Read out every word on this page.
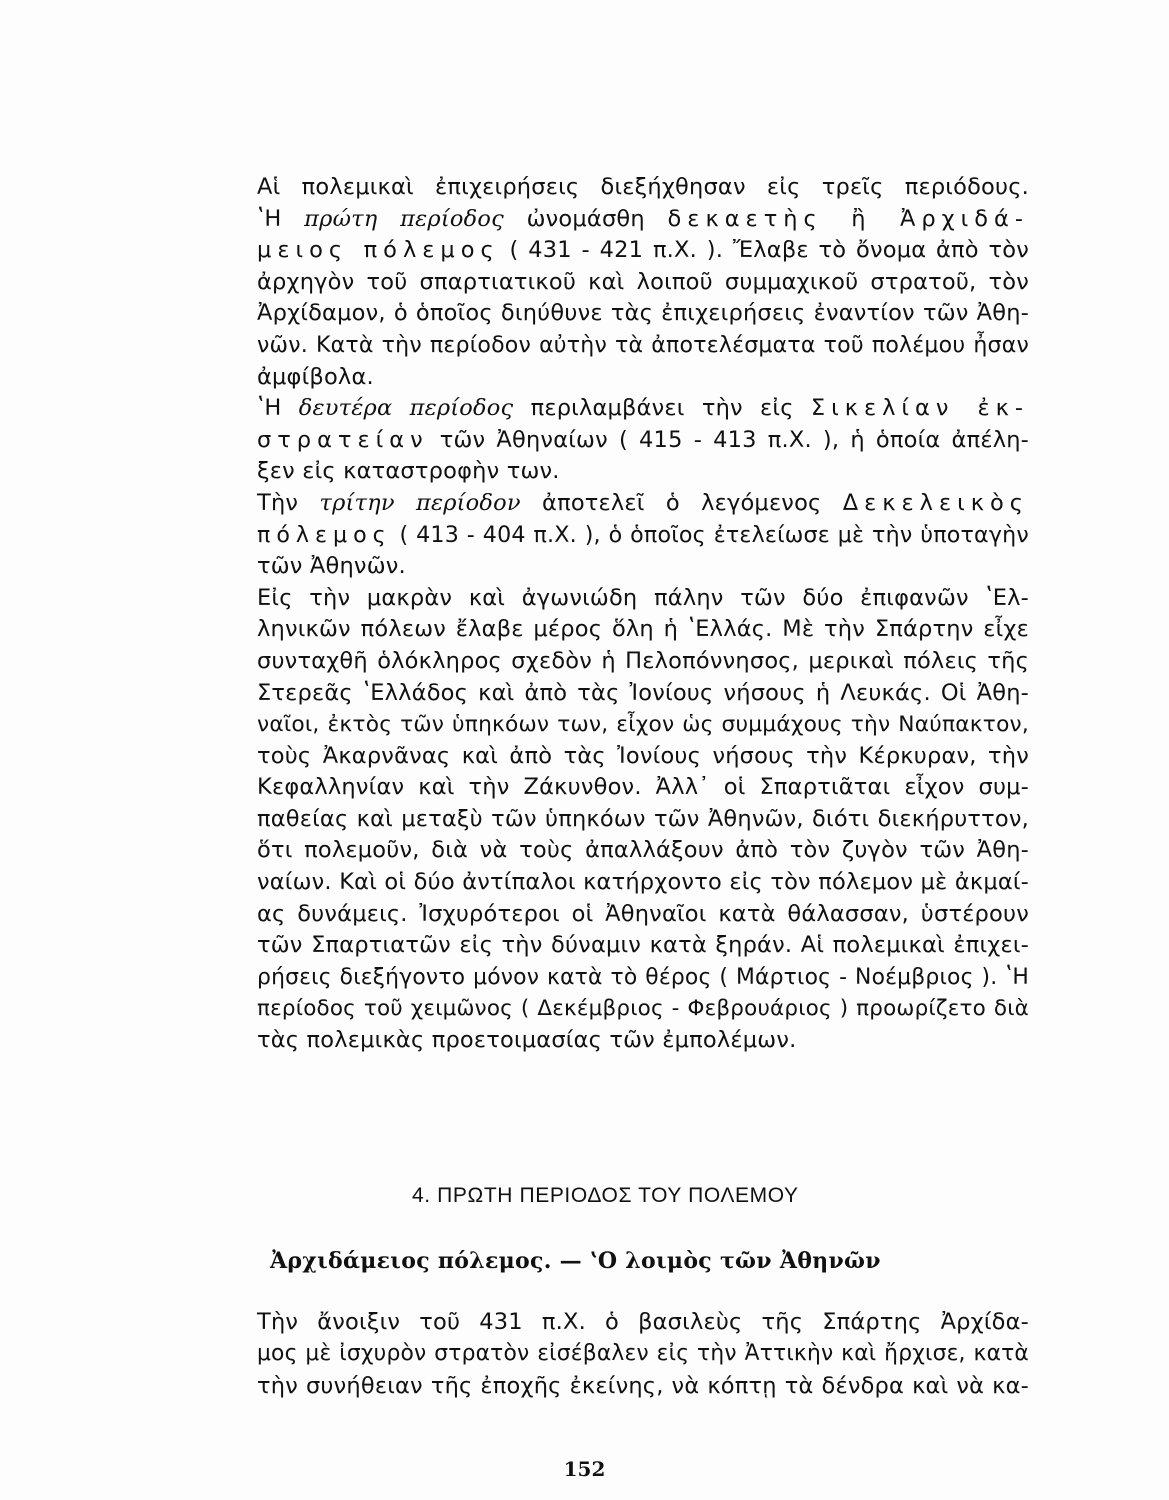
Αἱ πολεμικαὶ ἐπιχειρήσεις διεξήχθησαν εἰς τρεῖς περιόδους.
ʽΗ πρώτη περίοδος ὠνομάσθη δεκαετὴς ἢ Ἀρχιδά-
μειος πόλεμος ( 431 - 421 π.Χ. ). Ἔλαβε τὸ ὄνομα ἀπὸ τὸν
ἀρχηγὸν τοῦ σπαρτιατικοῦ καὶ λοιποῦ συμμαχικοῦ στρατοῦ, τὸν
Ἀρχίδαμον, ὁ ὁποῖος διηύθυνε τὰς ἐπιχειρήσεις ἐναντίον τῶν Ἀθη-
νῶν. Κατὰ τὴν περίοδον αὐτὴν τὰ ἀποτελέσματα τοῦ πολέμου ἦσαν
ἀμφίβολα.
ʽΗ δευτέρα περίοδος περιλαμβάνει τὴν εἰς Σικελίαν ἐκ-
στρατείαν τῶν Ἀθηναίων ( 415 - 413 π.Χ. ), ἡ ὁποία ἀπέλη-
ξεν εἰς καταστροφὴν των.
Τὴν τρίτην περίοδον ἀποτελεῖ ὁ λεγόμενος Δεκελεικὸς
πόλεμος ( 413 - 404 π.Χ. ), ὁ ὁποῖος ἐτελείωσε μὲ τὴν ὑποταγὴν
τῶν Ἀθηνῶν.
Εἰς τὴν μακρὰν καὶ ἀγωνιώδη πάλην τῶν δύο ἐπιφανῶν ʽΕλ-
ληνικῶν πόλεων ἔλαβε μέρος ὅλη ἡ ʽΕλλάς. Μὲ τὴν Σπάρτην εἶχε
συνταχθῆ ὁλόκληρος σχεδὸν ἡ Πελοπόννησος, μερικαὶ πόλεις τῆς
Στερεᾶς ʽΕλλάδος καὶ ἀπὸ τὰς Ἰονίους νήσους ἡ Λευκάς. Οἱ Ἀθη-
ναῖοι, ἐκτὸς τῶν ὑπηκόων των, εἶχον ὡς συμμάχους τὴν Ναύπακτον,
τοὺς Ἀκαρνᾶνας καὶ ἀπὸ τὰς Ἰονίους νήσους τὴν Κέρκυραν, τὴν
Κεφαλληνίαν καὶ τὴν Ζάκυνθον. Ἀλλ᾽ οἱ Σπαρτιᾶται εἶχον συμ-
παθείας καὶ μεταξὺ τῶν ὑπηκόων τῶν Ἀθηνῶν, διότι διεκήρυττον,
ὅτι πολεμοῦν, διὰ νὰ τοὺς ἀπαλλάξουν ἀπὸ τὸν ζυγὸν τῶν Ἀθη-
ναίων. Καὶ οἱ δύο ἀντίπαλοι κατήρχοντο εἰς τὸν πόλεμον μὲ ἀκμαί-
ας δυνάμεις. Ἰσχυρότεροι οἱ Ἀθηναῖοι κατὰ θάλασσαν, ὑστέρουν
τῶν Σπαρτιατῶν εἰς τὴν δύναμιν κατὰ ξηράν. Αἱ πολεμικαὶ ἐπιχει-
ρήσεις διεξήγοντο μόνον κατὰ τὸ θέρος ( Μάρτιος - Νοέμβριος ). ʽΗ
περίοδος τοῦ χειμῶνος ( Δεκέμβριος - Φεβρουάριος ) προωρίζετο διὰ
τὰς πολεμικὰς προετοιμασίας τῶν ἐμπολέμων.
4. ΠΡΩΤΗ ΠΕΡΙΟΔΟΣ ΤΟΥ ΠΟΛΕΜΟΥ
Ἀρχιδάμειος πόλεμος. — ʽΟ λοιμὸς τῶν Ἀθηνῶν
Τὴν ἄνοιξιν τοῦ 431 π.Χ. ὁ βασιλεὺς τῆς Σπάρτης Ἀρχίδα-
μος μὲ ἰσχυρὸν στρατὸν εἰσέβαλεν εἰς τὴν Ἀττικὴν καὶ ἤρχισε, κατὰ
τὴν συνήθειαν τῆς ἐποχῆς ἐκείνης, νὰ κόπτῃ τὰ δένδρα καὶ νὰ κα-
152
